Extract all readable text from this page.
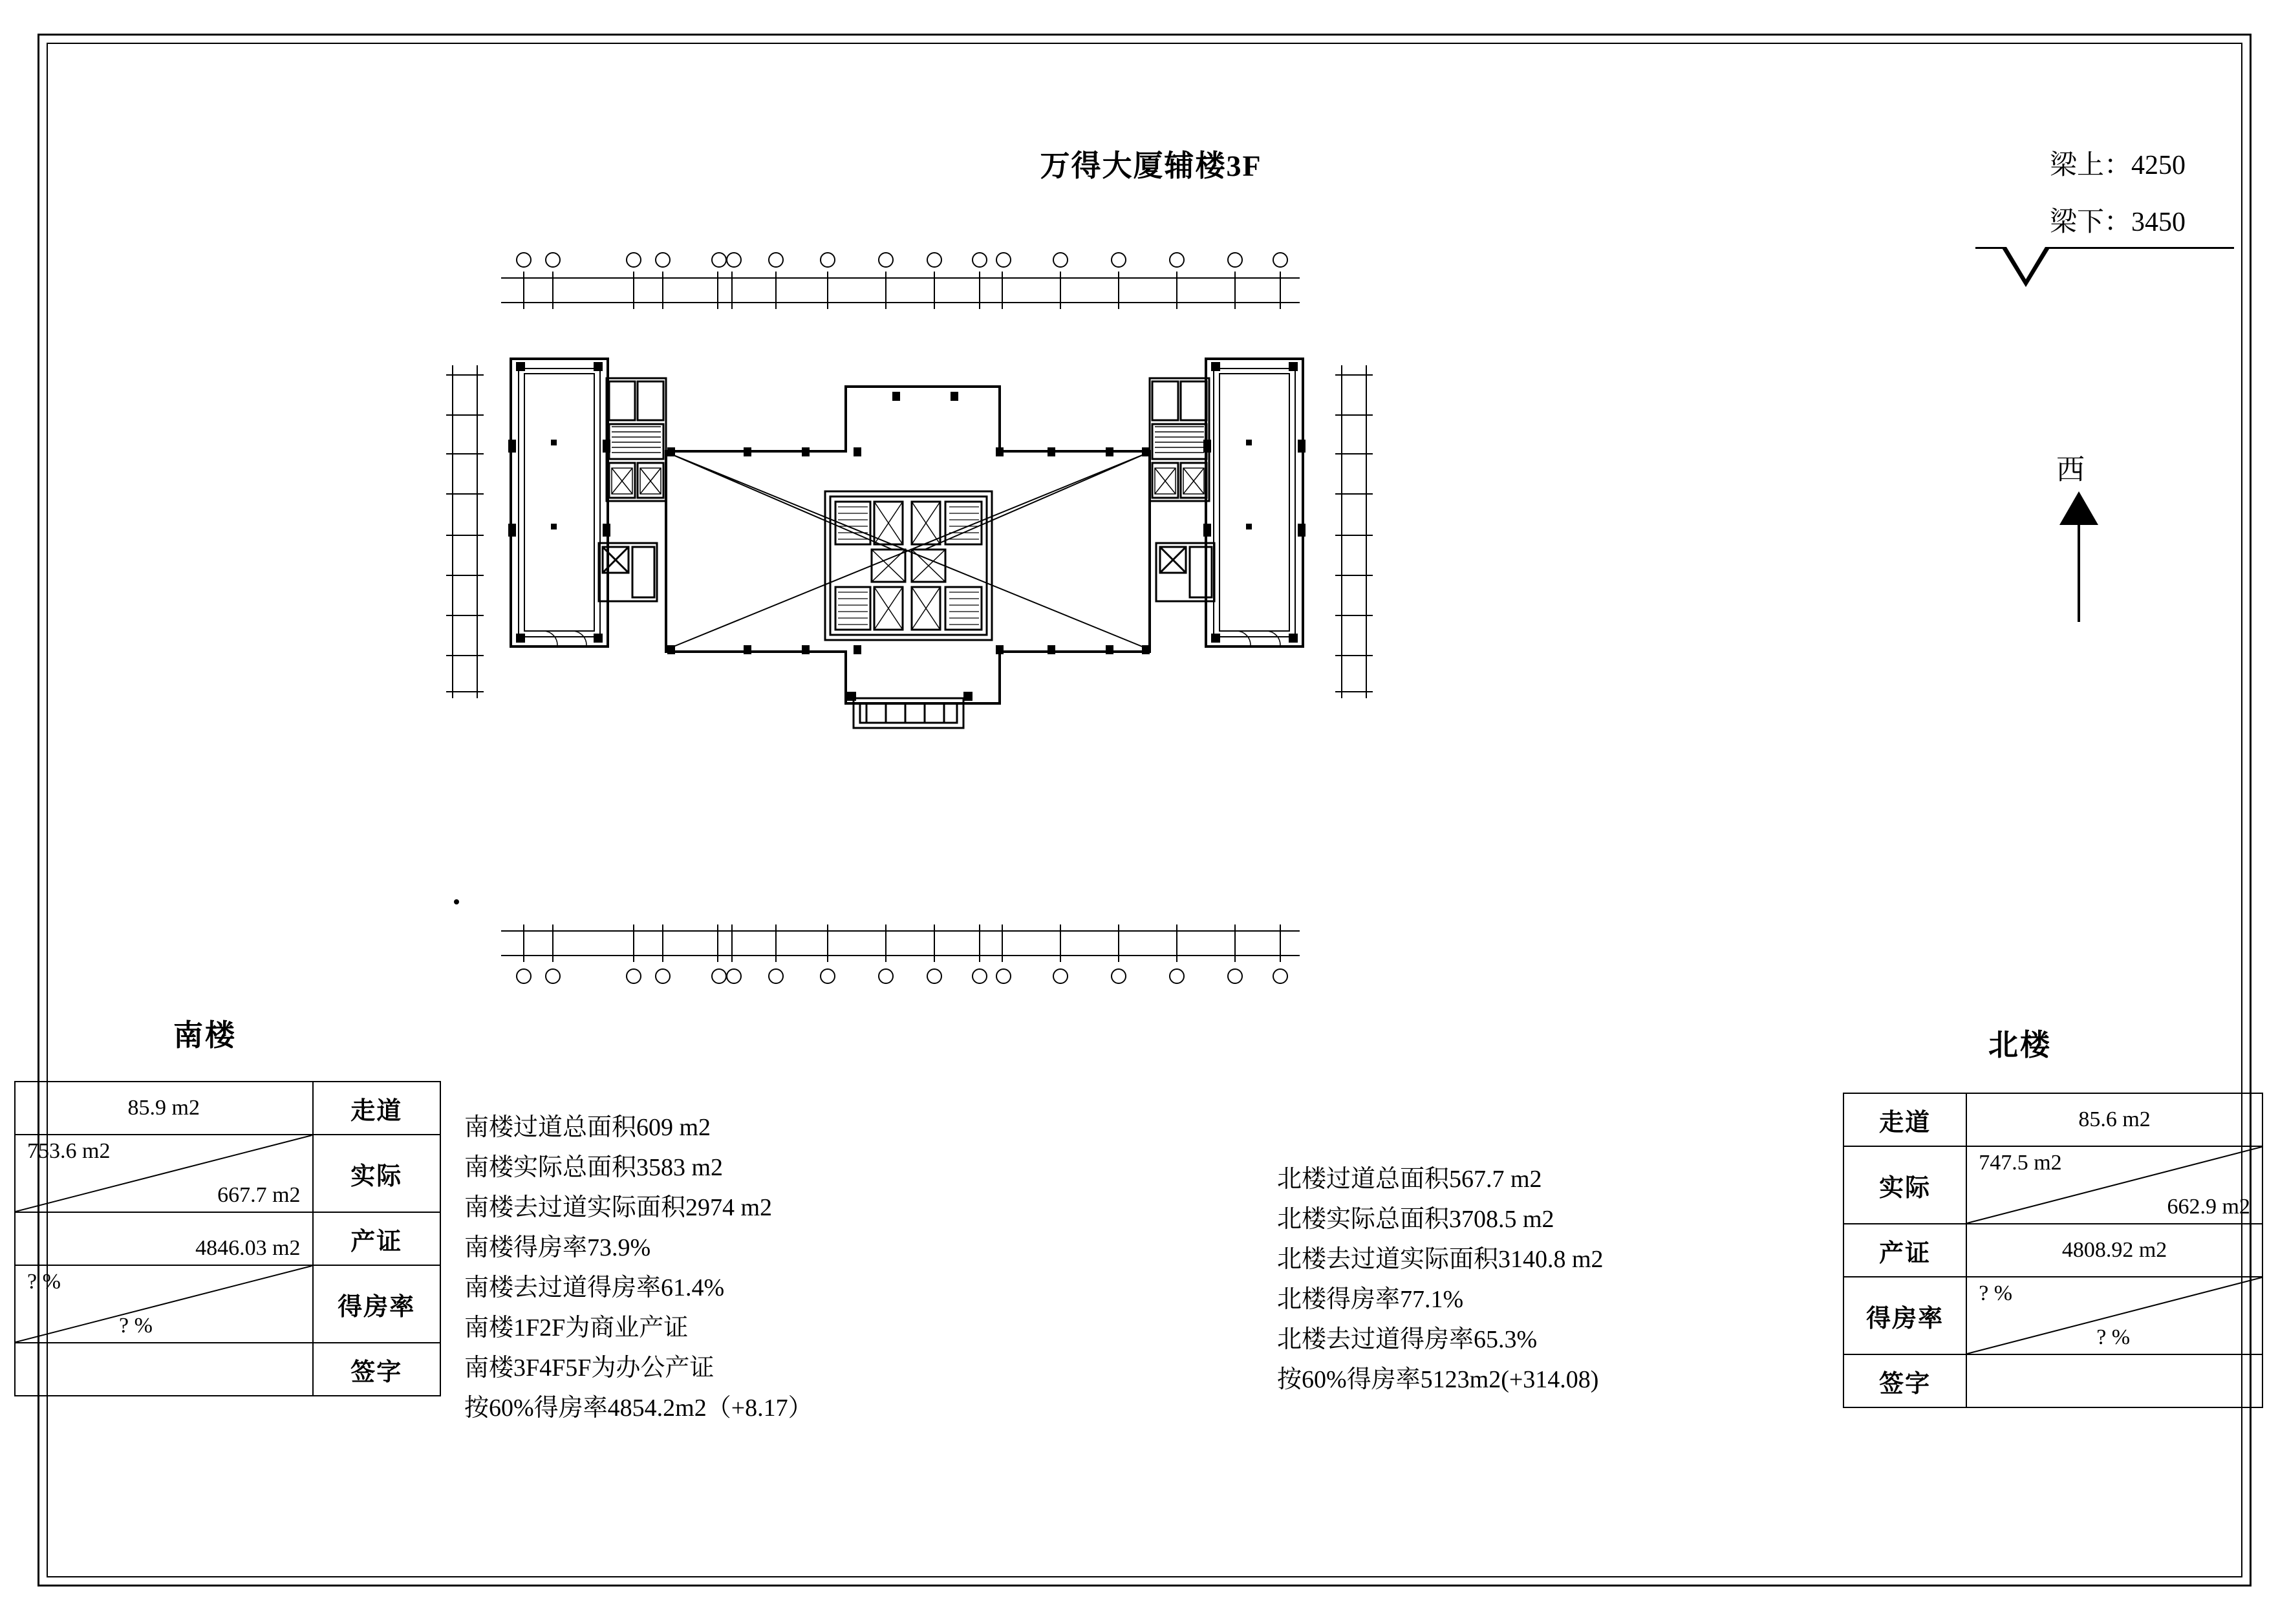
万得大厦辅楼3F	梁上：4250
梁下：3450
西
南楼	北楼
85.9 m2	走道

753.6 m2
667.7 m2	实际

4846.03 m2	产证

? %
? %	得房率

	签字
走道	85.6 m2

实际	747.5 m2
662.9 m2

产证	4808.92 m2

得房率	? %
? %

签字	
南楼过道总面积609 m2
南楼实际总面积3583 m2
南楼去过道实际面积2974 m2
南楼得房率73.9%
南楼去过道得房率61.4%
南楼1F2F为商业产证
南楼3F4F5F为办公产证
按60%得房率4854.2m2（+8.17）
北楼过道总面积567.7 m2
北楼实际总面积3708.5 m2
北楼去过道实际面积3140.8 m2
北楼得房率77.1%
北楼去过道得房率65.3%
按60%得房率5123m2(+314.08)
